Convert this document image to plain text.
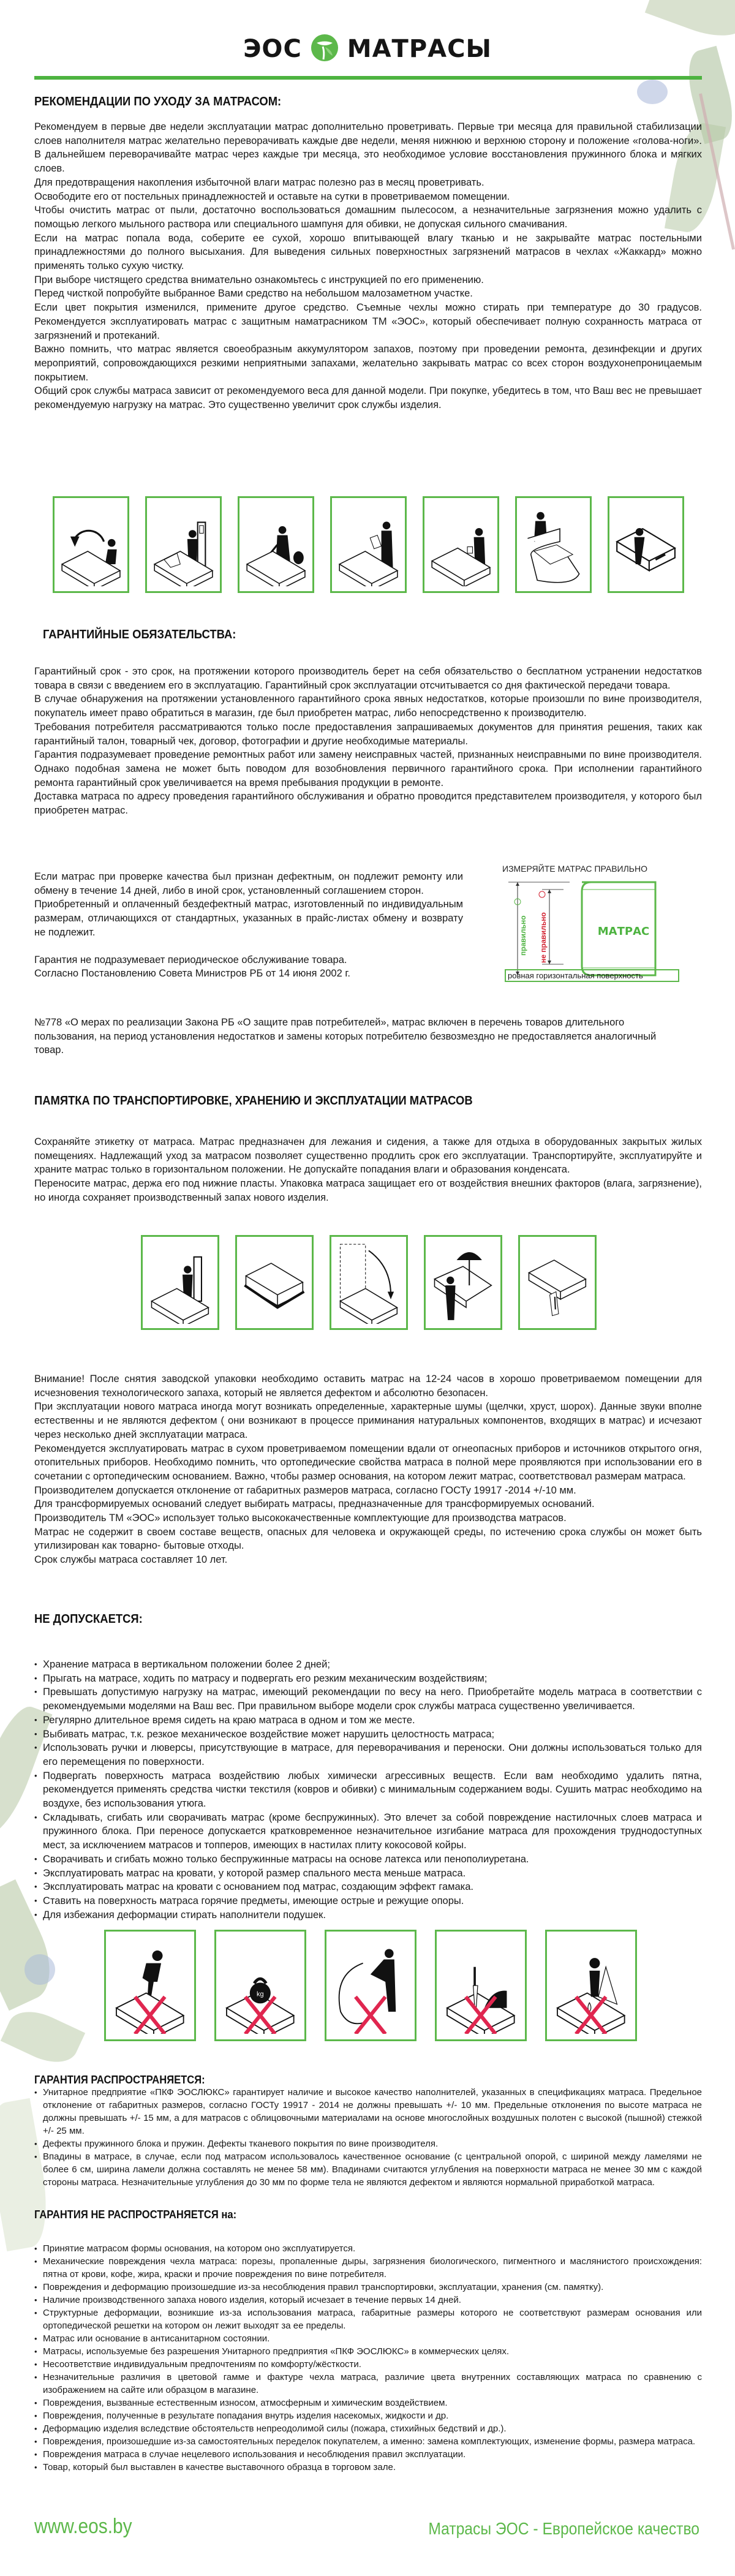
ЭОС МАТРАСЫ
РЕКОМЕНДАЦИИ ПО УХОДУ ЗА МАТРАСОМ:

Рекомендуем в первые две недели эксплуатации матрас дополнительно проветривать. Первые три месяца для правильной стабилизации слоев наполнителя матрас желательно переворачивать каждые две недели, меняя нижнюю и верхнюю сторону и положение «голова-ноги». В дальнейшем переворачивайте матрас через каждые три месяца, это необходимое условие восстановления пружинного блока и мягких слоев.

Для предотвращения накопления избыточной влаги матрас полезно раз в месяц проветривать.

Освободите его от постельных принадлежностей и оставьте на сутки в проветриваемом помещении.

Чтобы очистить матрас от пыли, достаточно воспользоваться домашним пылесосом, а незначительные загрязнения можно удалить с помощью легкого мыльного раствора или специального шампуня для обивки, не допуская сильного смачивания.

Если на матрас попала вода, соберите ее сухой, хорошо впитывающей влагу тканью и не закрывайте матрас постельными принадлежностями до полного высыхания. Для выведения сильных поверхностных загрязнений матрасов в чехлах «Жаккард» можно применять только сухую чистку.

При выборе чистящего средства внимательно ознакомьтесь с инструкцией по его применению.

Перед чисткой попробуйте выбранное Вами средство на небольшом малозаметном участке.

Если цвет покрытия изменился, примените другое средство. Съемные чехлы можно стирать при температуре до 30 градусов. Рекомендуется эксплуатировать матрас с защитным наматрасником ТМ «ЭОС», который обеспечивает полную сохранность матраса от загрязнений и протеканий.

Важно помнить, что матрас является своеобразным аккумулятором запахов, поэтому при проведении ремонта, дезинфекции и других мероприятий, сопровождающихся резкими неприятными запахами, желательно закрывать матрас со всех сторон воздухонепроницаемым покрытием.

Общий срок службы матраса зависит от рекомендуемого веса для данной модели. При покупке, убедитесь в том, что Ваш вес не превышает рекомендуемую нагрузку на матрас. Это существенно увеличит срок службы изделия.

ГАРАНТИЙНЫЕ ОБЯЗАТЕЛЬСТВА:

Гарантийный срок - это срок, на протяжении которого производитель берет на себя обязательство о бесплатном устранении недостатков товара в связи с введением его в эксплуатацию. Гарантийный срок эксплуатации отсчитывается со дня фактической передачи товара.

В случае обнаружения на протяжении установленного гарантийного срока явных недостатков, которые произошли по вине производителя, покупатель имеет право обратиться в магазин, где был приобретен матрас, либо непосредственно к производителю.

Требования потребителя рассматриваются только после предоставления запрашиваемых документов для принятия решения, таких как гарантийный талон, товарный чек, договор, фотографии и другие необходимые материалы.

Гарантия подразумевает проведение ремонтных работ или замену неисправных частей, признанных неисправными по вине производителя. Однако подобная замена не может быть поводом для возобновления первичного гарантийного срока. При исполнении гарантийного ремонта гарантийный срок увеличивается на время пребывания продукции в ремонте.

Доставка матраса по адресу проведения гарантийного обслуживания и обратно проводится представителем производителя, у которого был приобретен матрас.

Если матрас при проверке качества был признан дефектным, он подлежит ремонту или обмену в течение 14 дней, либо в иной срок, установленный соглашением сторон.

Приобретенный и оплаченный бездефектный матрас, изготовленный по индивидуальным размерам, отличающихся от стандартных, указанных в прайс-листах обмену и возврату не подлежит.

Гарантия не подразумевает периодическое обслуживание товара.

Согласно Постановлению Совета Министров РБ от 14 июня 2002 г.

№778 «О мерах по реализации Закона РБ «О защите прав потребителей», матрас включен в перечень товаров длительного пользования, на период установления недостатков и замены которых потребителю безвозмездно не предоставляется аналогичный товар.

ИЗМЕРЯЙТЕ МАТРАС ПРАВИЛЬНО
ровная горизонтальная поверхность
МАТРАС
правильно не правильно
ПАМЯТКА ПО ТРАНСПОРТИРОВКЕ, ХРАНЕНИЮ И ЭКСПЛУАТАЦИИ МАТРАСОВ

Сохраняйте этикетку от матраса. Матрас предназначен для лежания и сидения, а также для отдыха в оборудованных закрытых жилых помещениях. Надлежащий уход за матрасом позволяет существенно продлить срок его эксплуатации. Транспортируйте, эксплуатируйте и храните матрас только в горизонтальном положении. Не допускайте попадания влаги и образования конденсата.

Переносите матрас, держа его под нижние пласты. Упаковка матраса защищает его от воздействия внешних факторов (влага, загрязнение), но иногда сохраняет производственный запах нового изделия.

Внимание! После снятия заводской упаковки необходимо оставить матрас на 12-24 часов в хорошо проветриваемом помещении для исчезновения технологического запаха, который не является дефектом и абсолютно безопасен.

При эксплуатации нового матраса иногда могут возникать определенные, характерные шумы (щелчки, хруст, шорох). Данные звуки вполне естественны и не являются дефектом ( они возникают в процессе приминания натуральных компонентов, входящих в матрас) и исчезают через несколько дней эксплуатации матраса.

Рекомендуется эксплуатировать матрас в сухом проветриваемом помещении вдали от огнеопасных приборов и источников открытого огня, отопительных приборов. Необходимо помнить, что ортопедические свойства матраса в полной мере проявляются при использовании его в сочетании с ортопедическим основанием. Важно, чтобы размер основания, на котором лежит матрас, соответствовал размерам матраса.

Производителем допускается отклонение от габаритных размеров матраса, согласно ГОСТу 19917 -2014 +/-10 мм.

Для трансформируемых оснований следует выбирать матрасы, предназначенные для трансформируемых оснований.

Производитель ТМ «ЭОС» использует только высококачественные комплектующие для производства матрасов.

Матрас не содержит в своем составе веществ, опасных для человека и окружающей среды, по истечению срока службы он может быть утилизирован как товарно- бытовые отходы.

Срок службы матраса составляет 10 лет.

НЕ ДОПУСКАЕТСЯ:
• Хранение матраса в вертикальном положении более 2 дней;
• Прыгать на матрасе, ходить по матрасу и подвергать его резким механическим воздействиям;
• Превышать допустимую нагрузку на матрас, имеющий рекомендации по весу на него. Приобретайте модель матраса в соответствии с рекомендуемыми моделями на Ваш вес. При правильном выборе модели срок службы матраса существенно увеличивается.
• Регулярно длительное время сидеть на краю матраса в одном и том же месте.
• Выбивать матрас, т.к. резкое механическое воздействие может нарушить целостность матраса;
• Использовать ручки и люверсы, присутствующие в матрасе, для переворачивания и переноски. Они должны использоваться только для его перемещения по поверхности.
• Подвергать поверхность матраса воздействию любых химически агрессивных веществ. Если вам необходимо удалить пятна, рекомендуется применять средства чистки текстиля (ковров и обивки) с минимальным содержанием воды. Сушить матрас необходимо на воздухе, без использования утюга.
• Складывать, сгибать или сворачивать матрас (кроме беспружинных). Это влечет за собой повреждение настилочных слоев матраса и пружинного блока. При переносе допускается кратковременное незначительное изгибание матраса для прохождения труднодоступных мест, за исключением матрасов и топперов, имеющих в настилах плиту кокосовой койры.
• Сворачивать и сгибать можно только беспружинные матрасы на основе латекса или пенополиуретана.
• Эксплуатировать матрас на кровати, у которой размер спального места меньше матраса.
• Эксплуатировать матрас на кровати с основанием под матрас, создающим эффект гамака.
• Ставить на поверхность матраса горячие предметы, имеющие острые и режущие опоры.
• Для избежания деформации стирать наполнители подушек.
kg
ГАРАНТИЯ РАСПРОСТРАНЯЕТСЯ:
• Унитарное предприятие «ПКФ ЭОСЛЮКС» гарантирует наличие и высокое качество наполнителей, указанных в спецификациях матраса. Предельное отклонение от габаритных размеров, согласно ГОСТу 19917 - 2014 не должны превышать +/- 10 мм. Предельные отклонения по высоте матраса не должны превышать +/- 15 мм, а для матрасов с облицовочными материалами на основе многослойных воздушных полотен с высокой (пышной) стежкой +/- 25 мм.
• Дефекты пружинного блока и пружин. Дефекты тканевого покрытия по вине производителя.
• Впадины в матрасе, в случае, если под матрасом использовалось качественное основание (с центральной опорой, с шириной между ламелями не более 6 см, ширина ламели должна составлять не менее 58 мм). Впадинами считаются углубления на поверхности матраса не менее 30 мм с каждой стороны матраса. Незначительные углубления до 30 мм по форме тела не являются дефектом и являются нормальной приработкой матраса.
ГАРАНТИЯ НЕ РАСПРОСТРАНЯЕТСЯ на:
• Принятие матрасом формы основания, на котором оно эксплуатируется.
• Механические повреждения чехла матраса: порезы, пропаленные дыры, загрязнения биологического, пигментного и маслянистого происхождения: пятна от крови, кофе, жира, краски и прочие повреждения по вине потребителя.
• Повреждения и деформацию произошедшие из-за несоблюдения правил транспортировки, эксплуатации, хранения (см. памятку).
• Наличие производственного запаха нового изделия, который исчезает в течение первых 14 дней.
• Структурные деформации, возникшие из-за использования матраса, габаритные размеры которого не соответствуют размерам основания или ортопедической решетки на котором он лежит выходят за ее пределы.
• Матрас или основание в антисанитарном состоянии.
• Матрасы, используемые без разрешения Унитарного предприятия «ПКФ ЭОСЛЮКС» в коммерческих целях.
• Несоответствие индивидуальным предпочтениям по комфорту/жёсткости.
• Незначительные различия в цветовой гамме и фактуре чехла матраса, различие цвета внутренних составляющих матраса по сравнению с изображением на сайте или образцом в магазине.
• Повреждения, вызванные естественным износом, атмосферным и химическим воздействием.
• Повреждения, полученные в результате попадания внутрь изделия насекомых, жидкости и др.
• Деформацию изделия вследствие обстоятельств непреодолимой силы (пожара, стихийных бедствий и др.).
• Повреждения, произошедшие из-за самостоятельных переделок покупателем, а именно: замена комплектующих, изменение формы, размера матраса.
• Повреждения матраса в случае нецелевого использования и несоблюдения правил эксплуатации.
• Товар, который был выставлен в качестве выставочного образца в торговом зале.
www.eos.by	Матрасы ЭОС - Европейское качество
